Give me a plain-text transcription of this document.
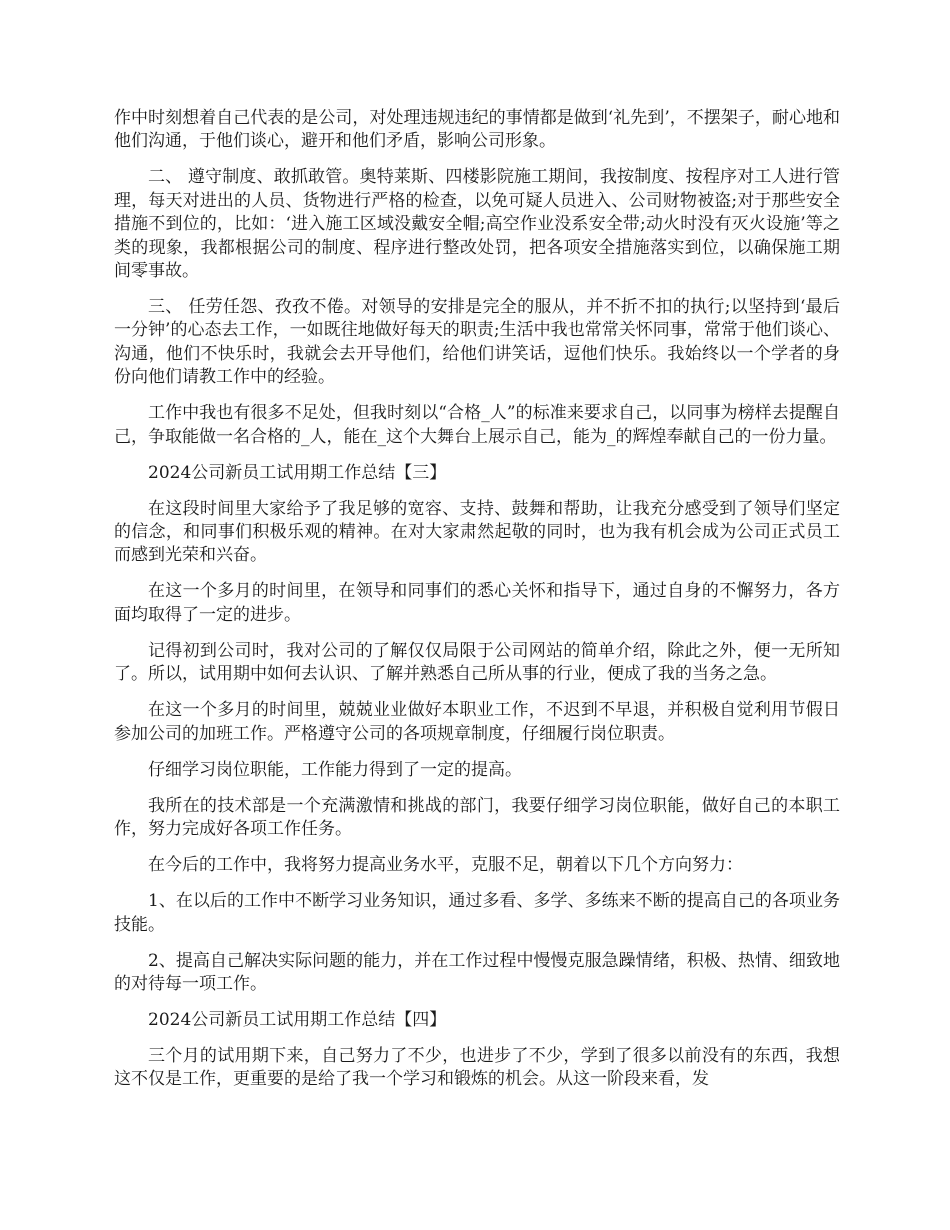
作中时刻想着自己代表的是公司，对处理违规违纪的事情都是做到‘礼先到’，不摆架子，耐心地和他们沟通，于他们谈心，避开和他们矛盾，影响公司形象。

二、 遵守制度、敢抓敢管。奥特莱斯、四楼影院施工期间，我按制度、按程序对工人进行管理，每天对进出的人员、货物进行严格的检查，以免可疑人员进入、公司财物被盗;对于那些安全措施不到位的，比如：‘进入施工区域没戴安全帽;高空作业没系安全带;动火时没有灭火设施’等之类的现象，我都根据公司的制度、程序进行整改处罚，把各项安全措施落实到位，以确保施工期间零事故。

三、 任劳任怨、孜孜不倦。对领导的安排是完全的服从，并不折不扣的执行;以坚持到‘最后一分钟’的心态去工作，一如既往地做好每天的职责;生活中我也常常关怀同事，常常于他们谈心、沟通，他们不快乐时，我就会去开导他们，给他们讲笑话，逗他们快乐。我始终以一个学者的身份向他们请教工作中的经验。

工作中我也有很多不足处，但我时刻以“合格_人”的标准来要求自己，以同事为榜样去提醒自己，争取能做一名合格的_人，能在_这个大舞台上展示自己，能为_的辉煌奉献自己的一份力量。

2024公司新员工试用期工作总结【三】

在这段时间里大家给予了我足够的宽容、支持、鼓舞和帮助，让我充分感受到了领导们坚定的信念，和同事们积极乐观的精神。在对大家肃然起敬的同时，也为我有机会成为公司正式员工而感到光荣和兴奋。

在这一个多月的时间里，在领导和同事们的悉心关怀和指导下，通过自身的不懈努力，各方面均取得了一定的进步。

记得初到公司时，我对公司的了解仅仅局限于公司网站的简单介绍，除此之外，便一无所知了。所以，试用期中如何去认识、了解并熟悉自己所从事的行业，便成了我的当务之急。

在这一个多月的时间里，兢兢业业做好本职业工作，不迟到不早退，并积极自觉利用节假日参加公司的加班工作。严格遵守公司的各项规章制度，仔细履行岗位职责。

仔细学习岗位职能，工作能力得到了一定的提高。

我所在的技术部是一个充满激情和挑战的部门，我要仔细学习岗位职能，做好自己的本职工作，努力完成好各项工作任务。

在今后的工作中，我将努力提高业务水平，克服不足，朝着以下几个方向努力：

1、在以后的工作中不断学习业务知识，通过多看、多学、多练来不断的提高自己的各项业务技能。

2、提高自己解决实际问题的能力，并在工作过程中慢慢克服急躁情绪，积极、热情、细致地的对待每一项工作。

2024公司新员工试用期工作总结【四】

三个月的试用期下来，自己努力了不少，也进步了不少，学到了很多以前没有的东西，我想这不仅是工作，更重要的是给了我一个学习和锻炼的机会。从这一阶段来看，发
